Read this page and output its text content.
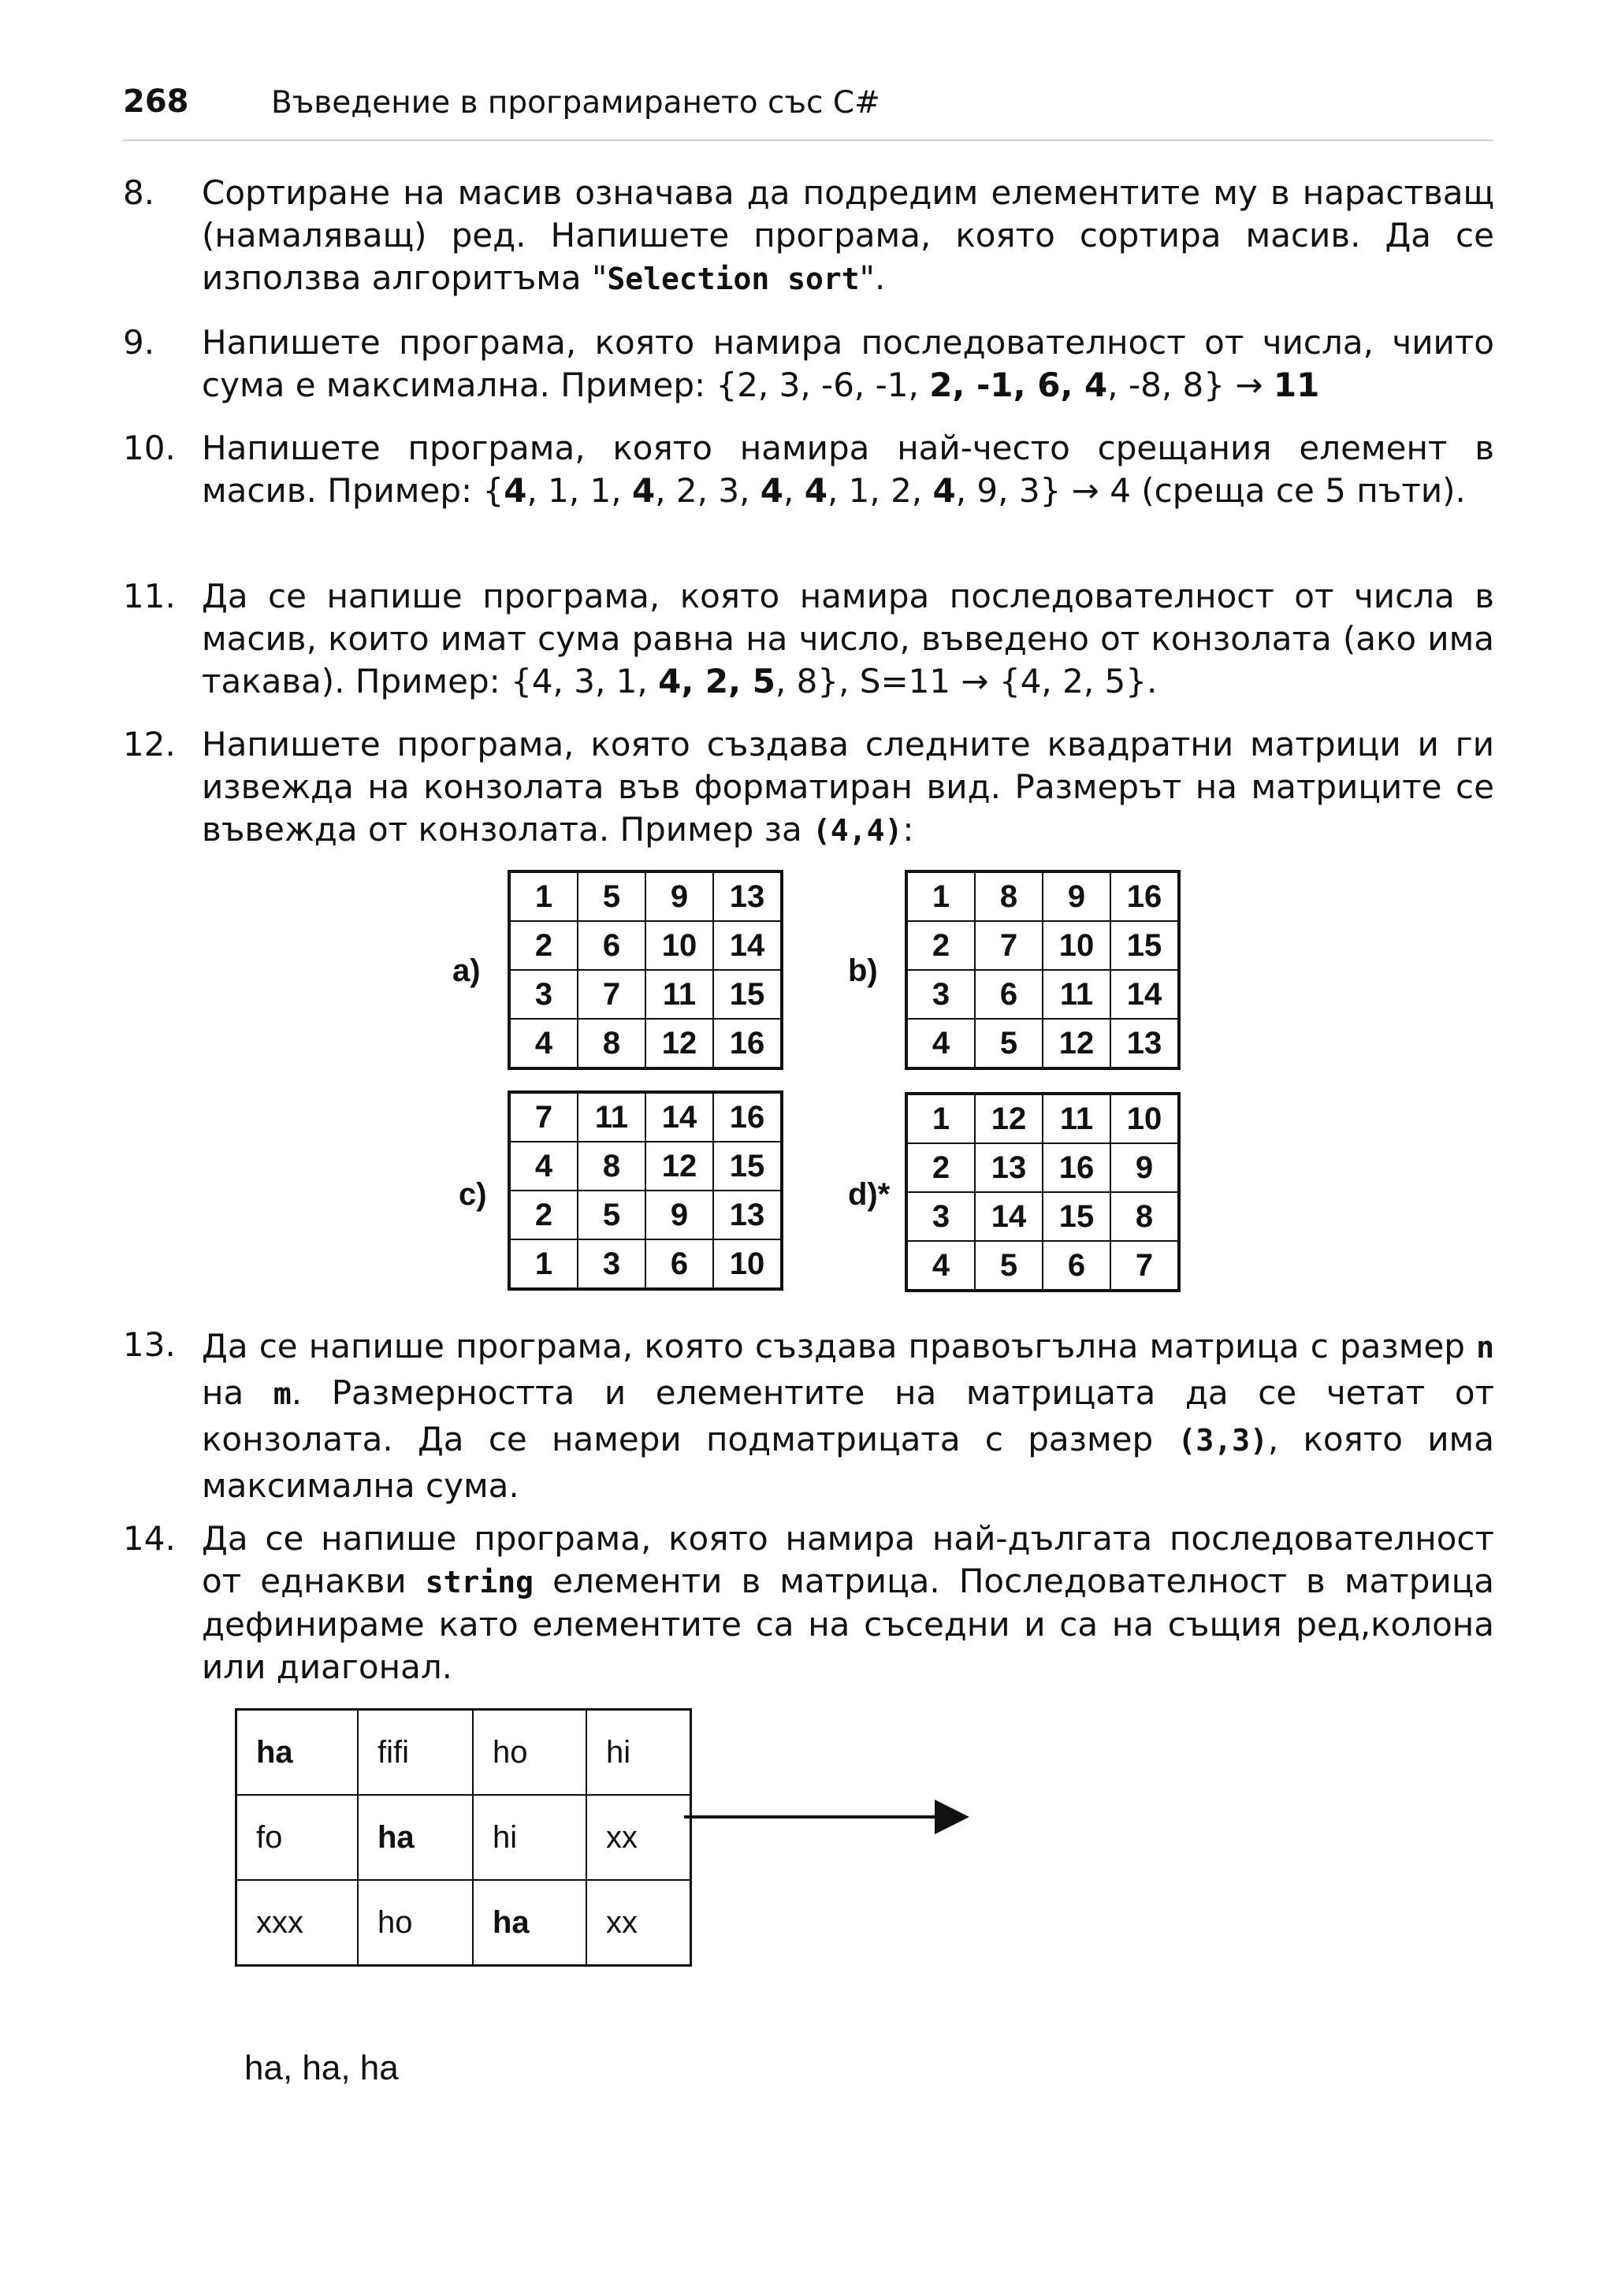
268	Въведение в програмирането със C#
8. Сортиране на масив означава да подредим елементите му в нарастващ (намаляващ) ред. Напишете програма, която сортира масив. Да се използва алгоритъма "Selection sort".
9. Напишете програма, която намира последователност от числа, чиито сума е максимална. Пример: {2, 3, -6, -1, 2, -1, 6, 4, -8, 8} → 11
10. Напишете програма, която намира най-често срещания елемент в масив. Пример: {4, 1, 1, 4, 2, 3, 4, 4, 1, 2, 4, 9, 3} → 4 (среща се 5 пъти).
11. Да се напише програма, която намира последователност от числа в масив, които имат сума равна на число, въведено от конзолата (ако има такава). Пример: {4, 3, 1, 4, 2, 5, 8}, S=11 → {4, 2, 5}.
12. Напишете програма, която създава следните квадратни матрици и ги извежда на конзолата във форматиран вид. Размерът на матриците се въвежда от конзолата. Пример за (4,4):
a)
1	5	9	13
2	6	10	14
3	7	11	15
4	8	12	16
b)
1	8	9	16
2	7	10	15
3	6	11	14
4	5	12	13
c)
7	11	14	16
4	8	12	15
2	5	9	13
1	3	6	10
d)*
1	12	11	10
2	13	16	9
3	14	15	8
4	5	6	7
13. Да се напише програма, която създава правоъгълна матрица с размер n на m. Размерността и елементите на матрицата да се четат от конзолата. Да се намери подматрицата с размер (3,3), която има максимална сума.
14. Да се напише програма, която намира най-дългата последователност от еднакви string елементи в матрица. Последователност в матрица дефинираме като елементите са на съседни и са на същия ред,колона или диагонал.
ha	fifi	ho	hi
fo	ha	hi	xx
xxx	ho	ha	xx
ha, ha, ha
